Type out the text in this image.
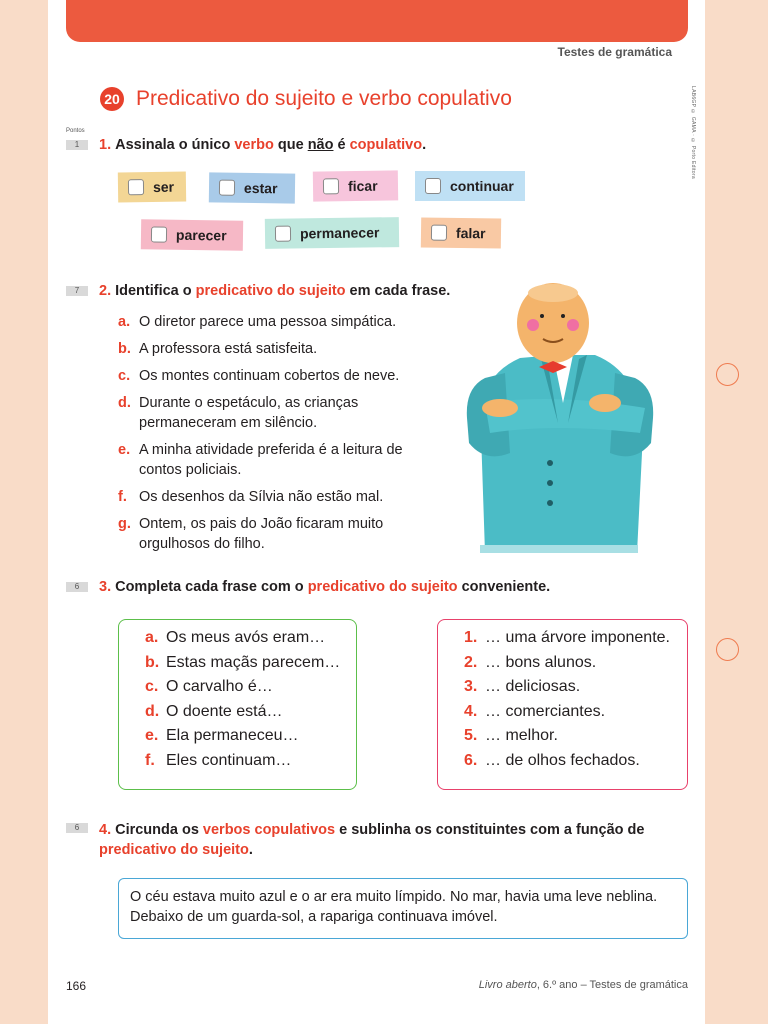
Testes de gramática
LAB6GP © GAMA · © Porto Editora
20 Predicativo do sujeito e verbo copulativo
Pontos
1	1. Assinala o único verbo que não é copulativo.
ser	estar	ficar	continuar
parecer	permanecer	falar
7	2. Identifica o predicativo do sujeito em cada frase.
a. O diretor parece uma pessoa simpática.
b. A professora está satisfeita.
c. Os montes continuam cobertos de neve.
d. Durante o espetáculo, as crianças permaneceram em silêncio.
e. A minha atividade preferida é a leitura de contos policiais.
f. Os desenhos da Sílvia não estão mal.
g. Ontem, os pais do João ficaram muito orgulhosos do filho.
6	3. Completa cada frase com o predicativo do sujeito conveniente.
a. Os meus avós eram…
b. Estas maçãs parecem…
c. O carvalho é…
d. O doente está…
e. Ela permaneceu…
f. Eles continuam…
1. … uma árvore imponente.
2. … bons alunos.
3. … deliciosas.
4. … comerciantes.
5. … melhor.
6. … de olhos fechados.
6	4. Circunda os verbos copulativos e sublinha os constituintes com a função de predicativo do sujeito.
O céu estava muito azul e o ar era muito límpido. No mar, havia uma leve neblina. Debaixo de um guarda-sol, a rapariga continuava imóvel.
166	Livro aberto, 6.º ano – Testes de gramática
